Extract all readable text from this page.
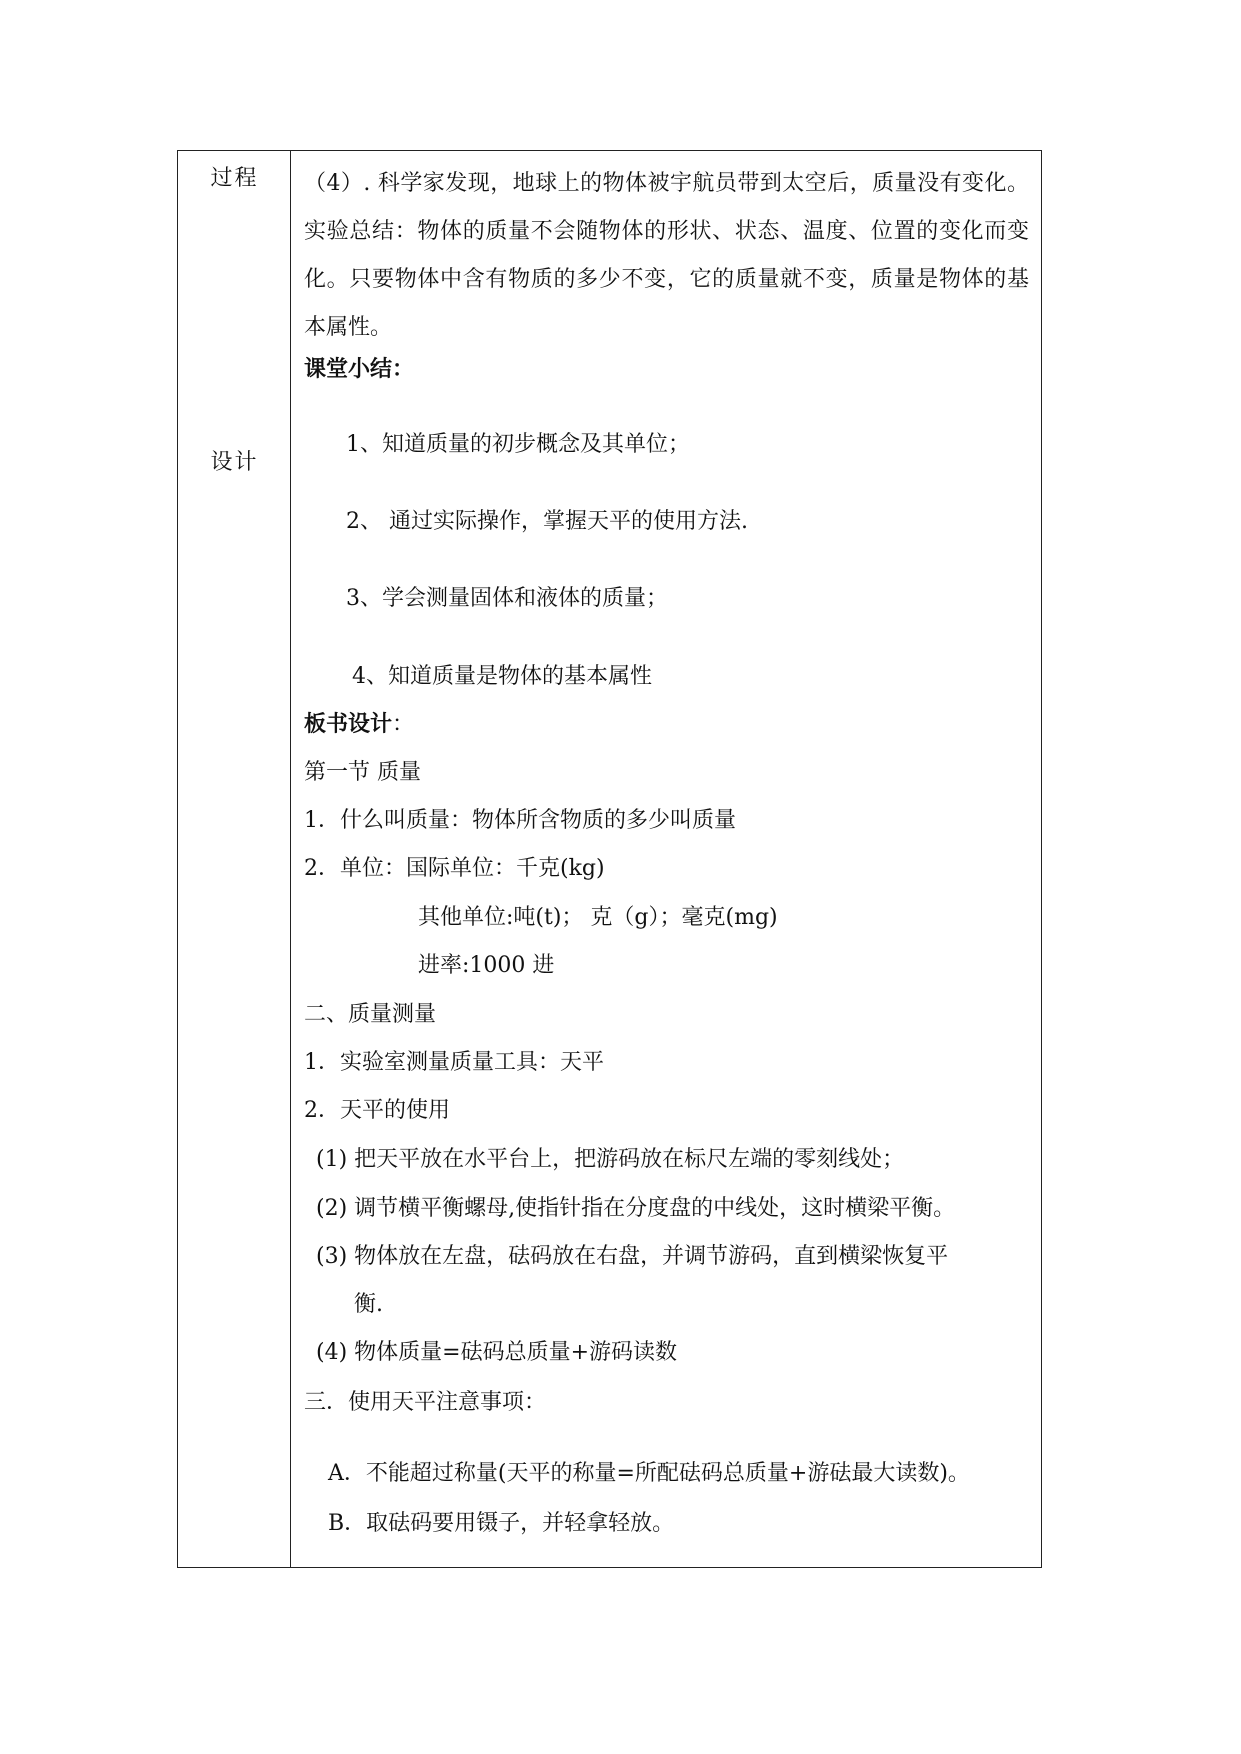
过程
设计
（4）. 科学家发现，地球上的物体被宇航员带到太空后，质量没有变化。 实验总结：物体的质量不会随物体的形状、状态、温度、位置的变化而变化。只要物体中含有物质的多少不变，它的质量就不变，质量是物体的基本属性。
课堂小结：
1、知道质量的初步概念及其单位；
2、 通过实际操作，掌握天平的使用方法.
3、学会测量固体和液体的质量；
4、知道质量是物体的基本属性
板书设计：
第一节 质量
1．什么叫质量：物体所含物质的多少叫质量
2．单位：国际单位：千克(kg)
其他单位:吨(t)； 克（g）；毫克(mg)
进率:1000 进
二、质量测量
1．实验室测量质量工具：天平
2．天平的使用
(1) 把天平放在水平台上，把游码放在标尺左端的零刻线处；
(2) 调节横平衡螺母,使指针指在分度盘的中线处，这时横梁平衡。
(3) 物体放在左盘，砝码放在右盘，并调节游码，直到横梁恢复平
衡.
(4) 物体质量=砝码总质量+游码读数
三．使用天平注意事项：
A．不能超过称量(天平的称量=所配砝码总质量+游砝最大读数)。
B．取砝码要用镊子，并轻拿轻放。
